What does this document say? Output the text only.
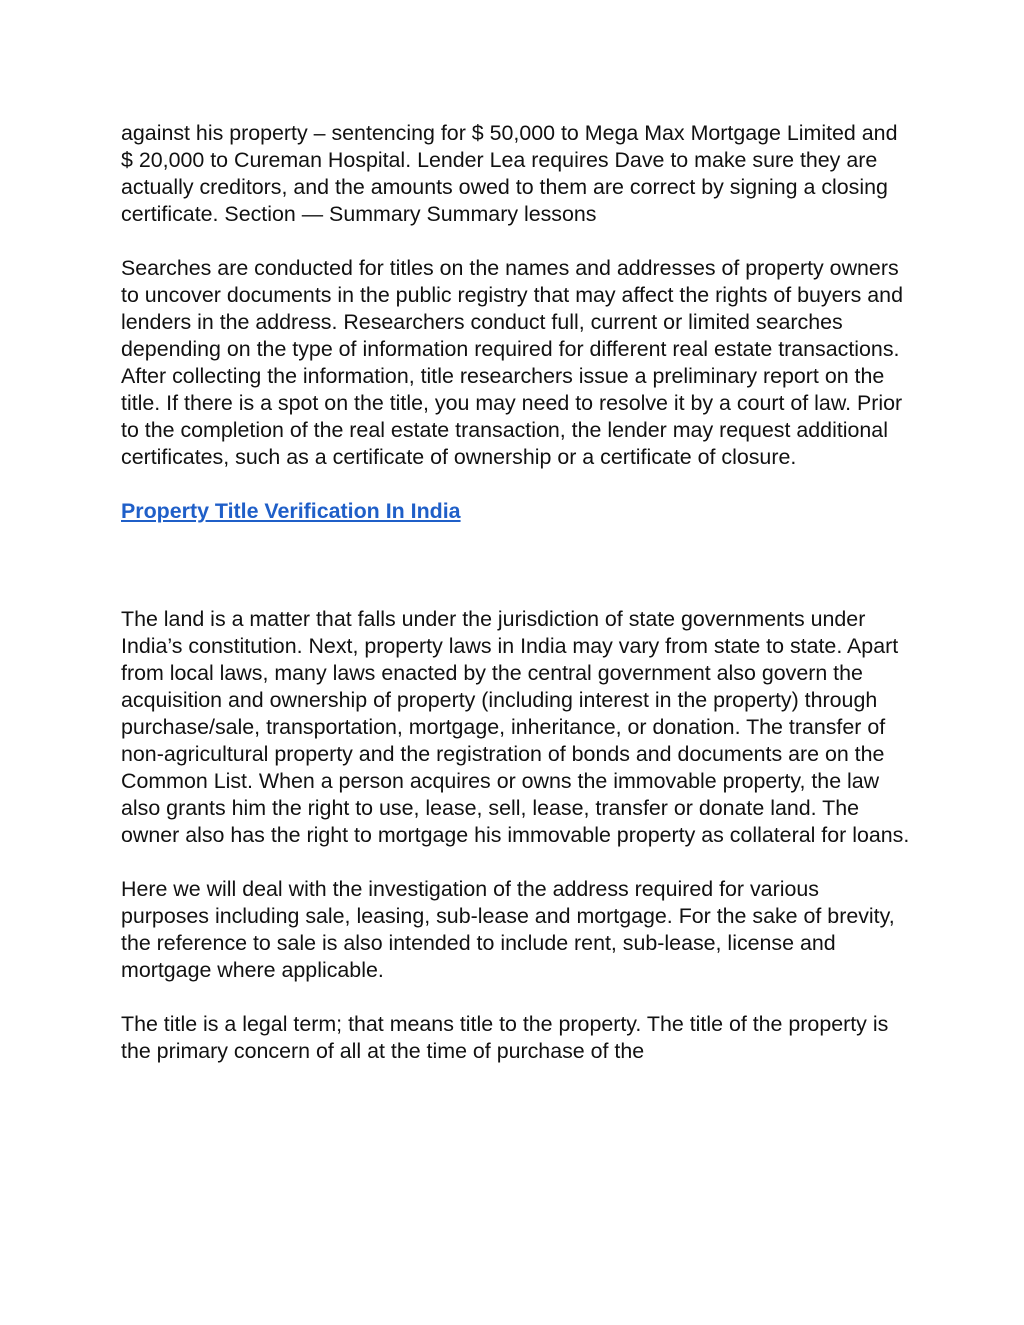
against his property – sentencing for $ 50,000 to Mega Max Mortgage Limited and $ 20,000 to Cureman Hospital. Lender Lea requires Dave to make sure they are actually creditors, and the amounts owed to them are correct by signing a closing certificate. Section — Summary Summary lessons

Searches are conducted for titles on the names and addresses of property owners to uncover documents in the public registry that may affect the rights of buyers and lenders in the address. Researchers conduct full, current or limited searches depending on the type of information required for different real estate transactions. After collecting the information, title researchers issue a preliminary report on the title. If there is a spot on the title, you may need to resolve it by a court of law. Prior to the completion of the real estate transaction, the lender may request additional certificates, such as a certificate of ownership or a certificate of closure.

Property Title Verification In India

The land is a matter that falls under the jurisdiction of state governments under India’s constitution. Next, property laws in India may vary from state to state. Apart from local laws, many laws enacted by the central government also govern the acquisition and ownership of property (including interest in the property) through purchase/sale, transportation, mortgage, inheritance, or donation. The transfer of non-agricultural property and the registration of bonds and documents are on the Common List. When a person acquires or owns the immovable property, the law also grants him the right to use, lease, sell, lease, transfer or donate land. The owner also has the right to mortgage his immovable property as collateral for loans.

Here we will deal with the investigation of the address required for various purposes including sale, leasing, sub-lease and mortgage. For the sake of brevity, the reference to sale is also intended to include rent, sub-lease, license and mortgage where applicable.

The title is a legal term; that means title to the property. The title of the property is the primary concern of all at the time of purchase of the
